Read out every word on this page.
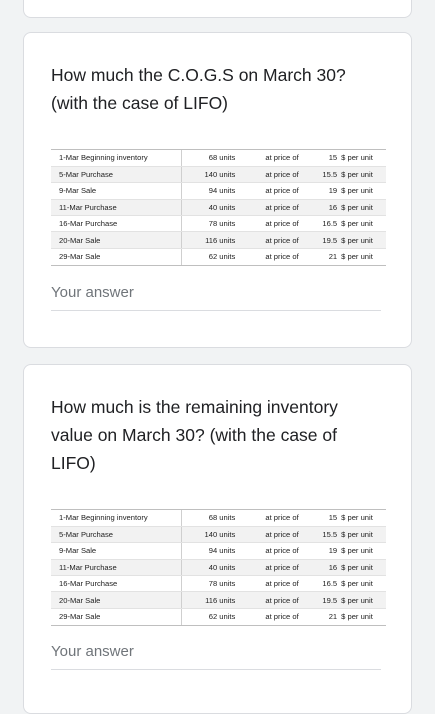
How much the C.O.G.S on March 30? (with the case of LIFO)
1-Mar Beginning inventory	68 units	at price of	15	$ per unit
5-Mar Purchase	140 units	at price of	15.5	$ per unit
9-Mar Sale	94 units	at price of	19	$ per unit
11-Mar Purchase	40 units	at price of	16	$ per unit
16-Mar Purchase	78 units	at price of	16.5	$ per unit
20-Mar Sale	116 units	at price of	19.5	$ per unit
29-Mar Sale	62 units	at price of	21	$ per unit
Your answer
How much is the remaining inventory value on March 30? (with the case of LIFO)
1-Mar Beginning inventory	68 units	at price of	15	$ per unit
5-Mar Purchase	140 units	at price of	15.5	$ per unit
9-Mar Sale	94 units	at price of	19	$ per unit
11-Mar Purchase	40 units	at price of	16	$ per unit
16-Mar Purchase	78 units	at price of	16.5	$ per unit
20-Mar Sale	116 units	at price of	19.5	$ per unit
29-Mar Sale	62 units	at price of	21	$ per unit
Your answer
